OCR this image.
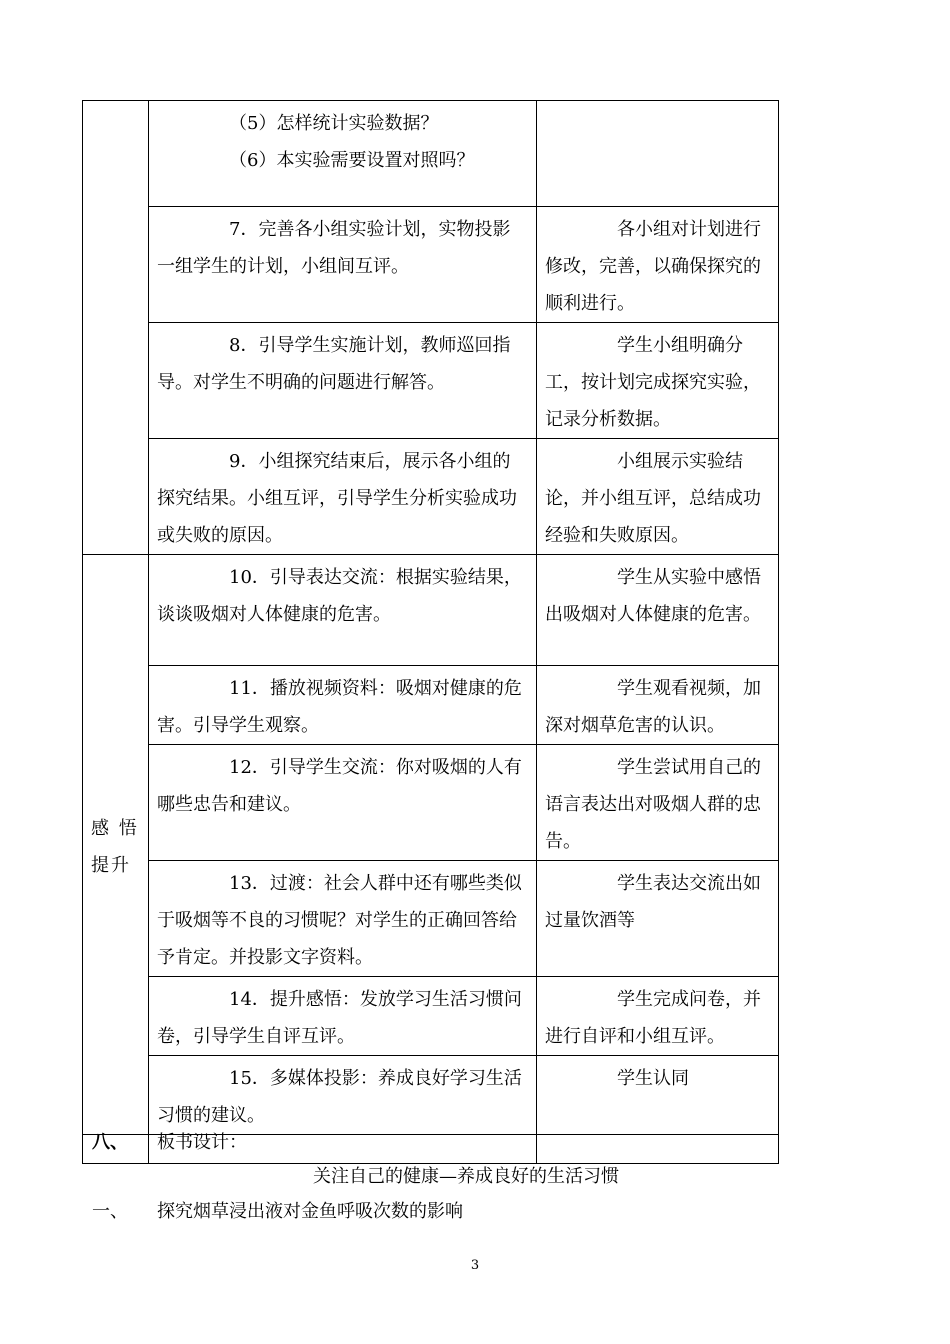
	（5）怎样统计实验数据？

（6）本实验需要设置对照吗？	

	7．完善各小组实验计划，实物投影一组学生的计划，小组间互评。	各小组对计划进行修改，完善，以确保探究的顺利进行。
	8．引导学生实施计划，教师巡回指导。对学生不明确的问题进行解答。	学生小组明确分工，按计划完成探究实验，记录分析数据。
	9．小组探究结束后，展示各小组的探究结果。小组互评，引导学生分析实验成功或失败的原因。	小组展示实验结论，并小组互评，总结成功经验和失败原因。

感 悟
提升	10．引导表达交流：根据实验结果，谈谈吸烟对人体健康的危害。	学生从实验中感悟出吸烟对人体健康的危害。
	11．播放视频资料：吸烟对健康的危害。引导学生观察。	学生观看视频，加深对烟草危害的认识。
	12．引导学生交流：你对吸烟的人有哪些忠告和建议。	学生尝试用自己的语言表达出对吸烟人群的忠告。
	13．过渡：社会人群中还有哪些类似于吸烟等不良的习惯呢？对学生的正确回答给予肯定。并投影文字资料。	学生表达交流出如过量饮酒等
	14．提升感悟：发放学习生活习惯问卷，引导学生自评互评。	学生完成问卷，并进行自评和小组互评。
	15．多媒体投影：养成良好学习生活习惯的建议。	学生认同

八、 板书设计：
关注自己的健康—养成良好的生活习惯
一、 探究烟草浸出液对金鱼呼吸次数的影响
3
